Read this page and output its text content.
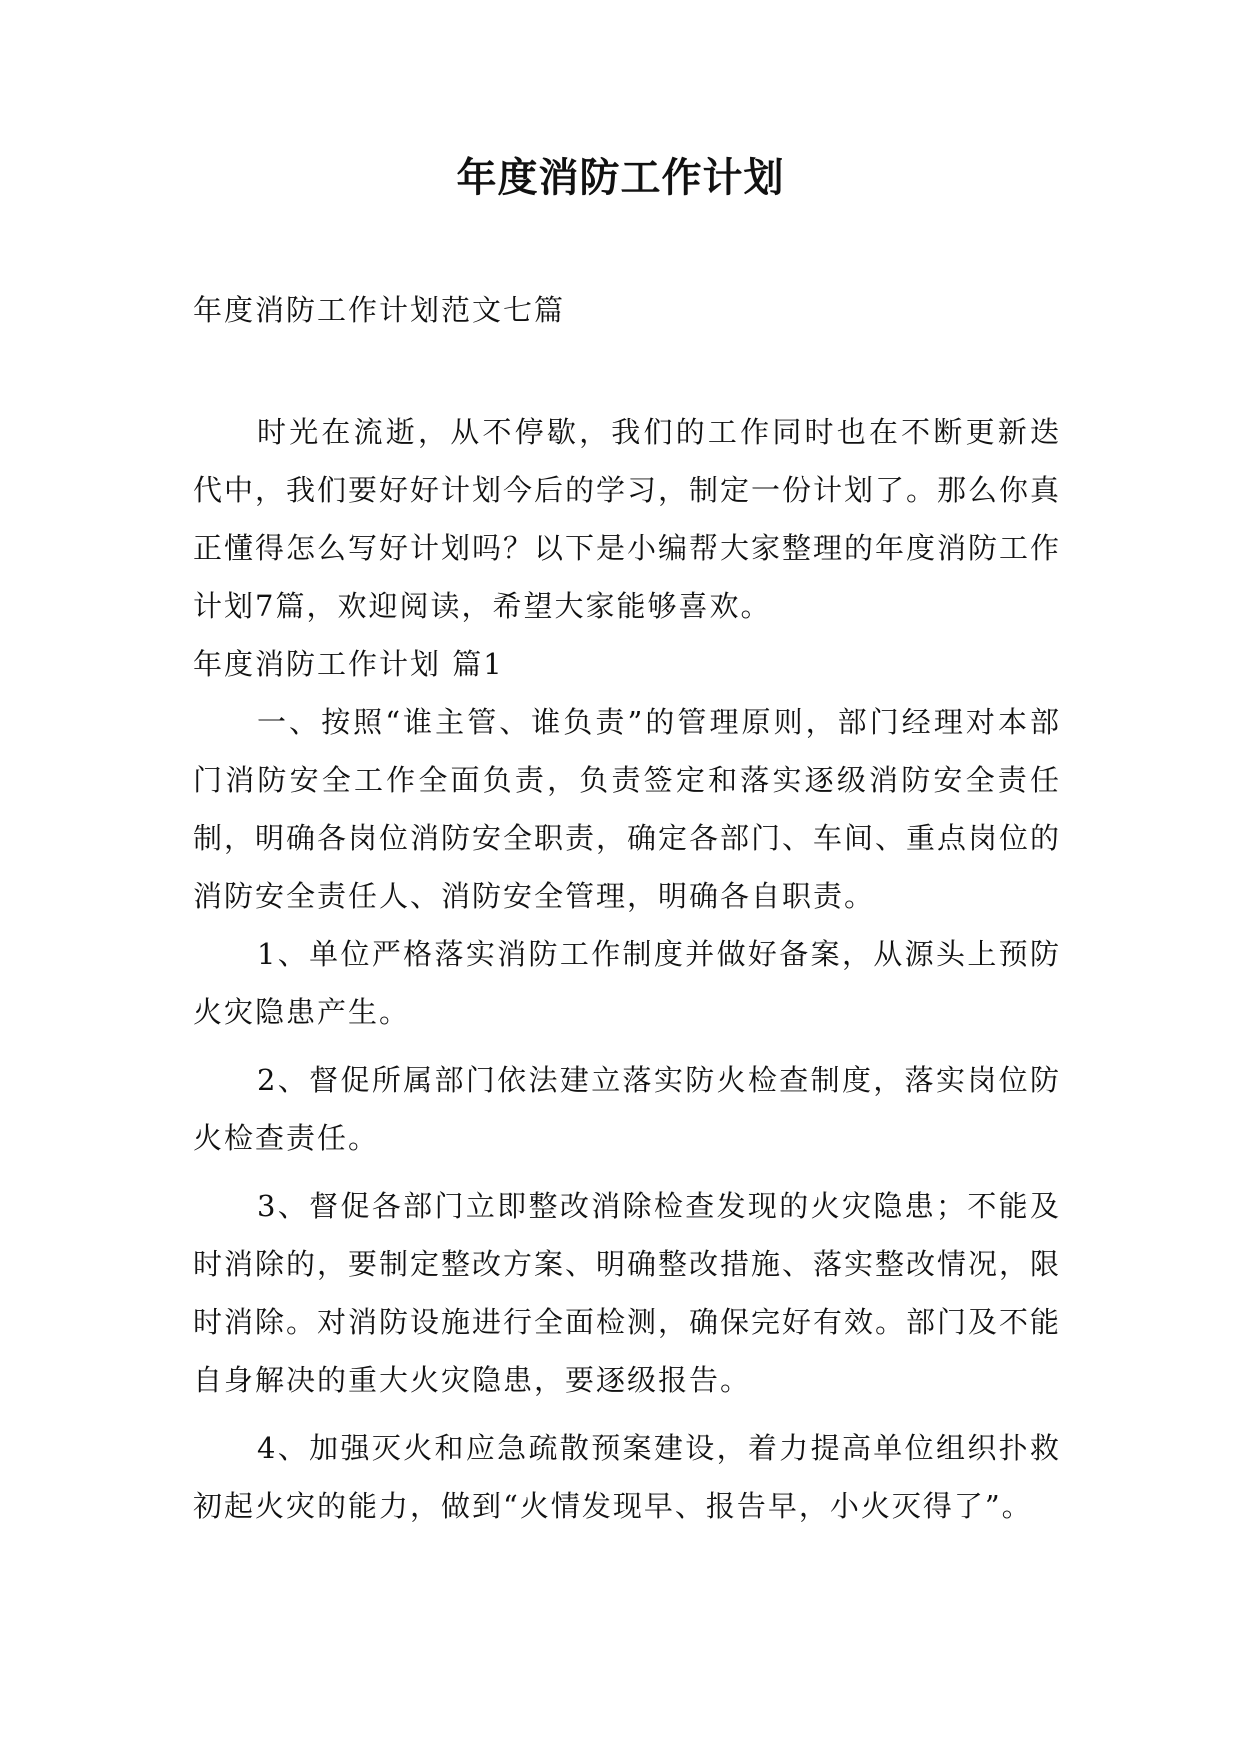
年度消防工作计划
年度消防工作计划范文七篇

时光在流逝，从不停歇，我们的工作同时也在不断更新迭代中，我们要好好计划今后的学习，制定一份计划了。那么你真正懂得怎么写好计划吗？以下是小编帮大家整理的年度消防工作计划7篇，欢迎阅读，希望大家能够喜欢。

年度消防工作计划 篇1

一、按照“谁主管、谁负责”的管理原则，部门经理对本部门消防安全工作全面负责，负责签定和落实逐级消防安全责任制，明确各岗位消防安全职责，确定各部门、车间、重点岗位的消防安全责任人、消防安全管理，明确各自职责。

1、单位严格落实消防工作制度并做好备案，从源头上预防火灾隐患产生。

2、督促所属部门依法建立落实防火检查制度，落实岗位防火检查责任。

3、督促各部门立即整改消除检查发现的火灾隐患；不能及时消除的，要制定整改方案、明确整改措施、落实整改情况，限时消除。对消防设施进行全面检测，确保完好有效。部门及不能自身解决的重大火灾隐患，要逐级报告。

4、加强灭火和应急疏散预案建设，着力提高单位组织扑救初起火灾的能力，做到“火情发现早、报告早，小火灭得了”。
